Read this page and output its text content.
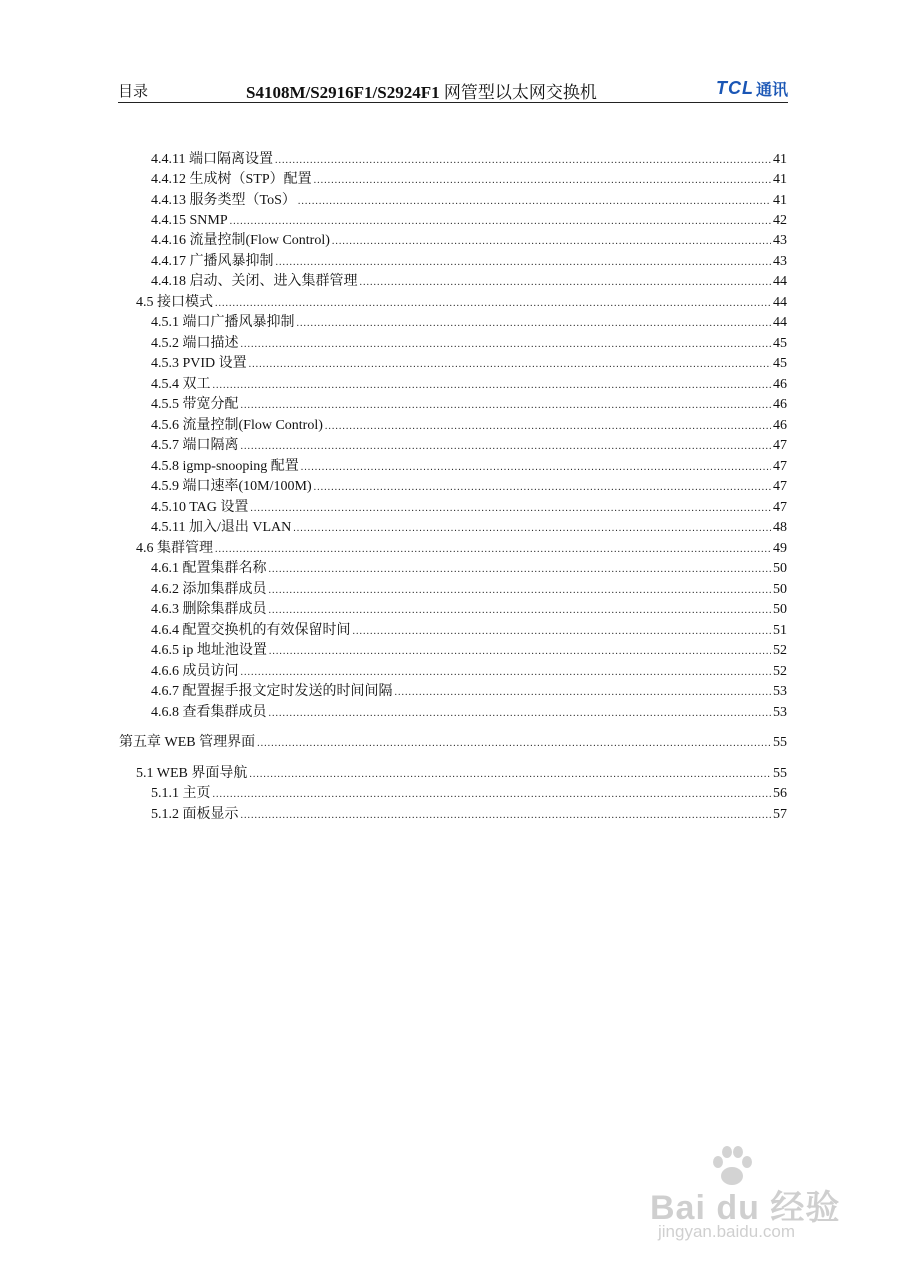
目录	S4108M/S2916F1/S2924F1 网管型以太网交换机	TCL 通讯
4.4.11 端口隔离设置 .....	41
4.4.12 生成树（STP）配置 .....	41
4.4.13 服务类型（ToS） .....	41
4.4.15 SNMP .....	42
4.4.16 流量控制(Flow Control) .....	43
4.4.17 广播风暴抑制 .....	43
4.4.18 启动、关闭、进入集群管理 .....	44
4.5 接口模式 .....	44
4.5.1 端口广播风暴抑制 .....	44
4.5.2 端口描述 .....	45
4.5.3 PVID 设置 .....	45
4.5.4 双工 .....	46
4.5.5 带宽分配 .....	46
4.5.6 流量控制(Flow Control) .....	46
4.5.7 端口隔离 .....	47
4.5.8 igmp-snooping 配置 .....	47
4.5.9 端口速率(10M/100M) .....	47
4.5.10 TAG 设置 .....	47
4.5.11 加入/退出 VLAN .....	48
4.6 集群管理 .....	49
4.6.1 配置集群名称 .....	50
4.6.2 添加集群成员 .....	50
4.6.3 删除集群成员 .....	50
4.6.4 配置交换机的有效保留时间 .....	51
4.6.5 ip 地址池设置 .....	52
4.6.6 成员访问 .....	52
4.6.7 配置握手报文定时发送的时间间隔 .....	53
4.6.8 查看集群成员 .....	53
第五章 WEB 管理界面 .....	55
5.1 WEB 界面导航 .....	55
5.1.1 主页 .....	56
5.1.2 面板显示 .....	57
Bai du 经验
jingyan.baidu.com
